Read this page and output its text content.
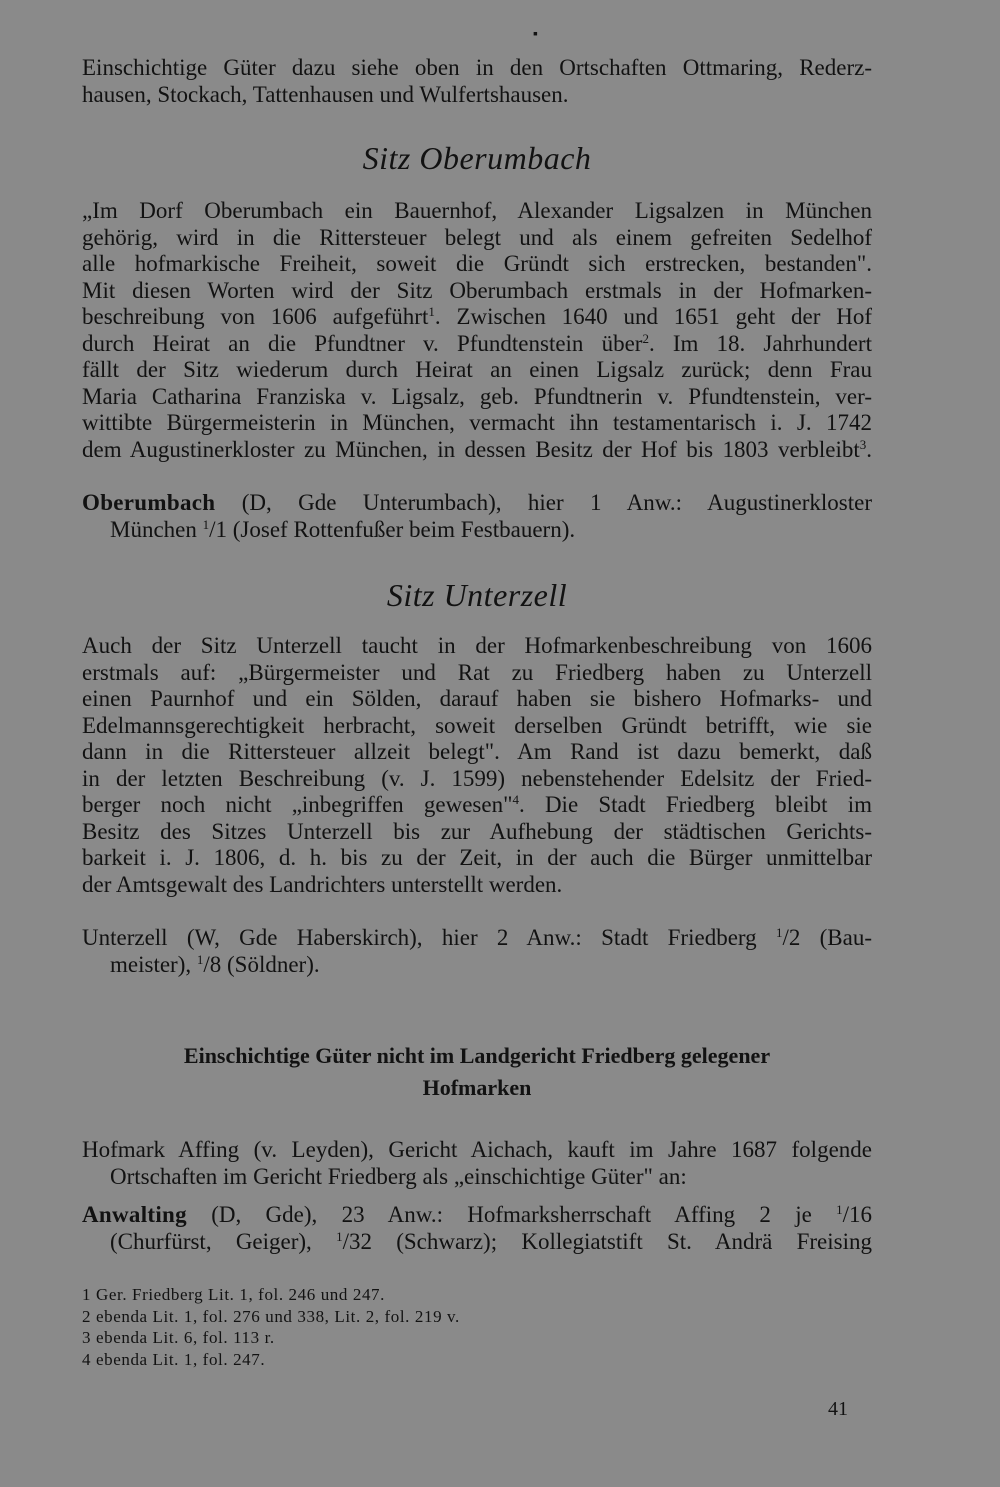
▪
Einschichtige Güter dazu siehe oben in den Ortschaften Ottmaring, Rederz-
hausen, Stockach, Tattenhausen und Wulfertshausen.
Sitz Oberumbach
„Im Dorf Oberumbach ein Bauernhof, Alexander Ligsalzen in München
gehörig, wird in die Rittersteuer belegt und als einem gefreiten Sedelhof
alle hofmarkische Freiheit, soweit die Gründt sich erstrecken, bestanden".
Mit diesen Worten wird der Sitz Oberumbach erstmals in der Hofmarken-
beschreibung von 1606 aufgeführt$^1$. Zwischen 1640 und 1651 geht der Hof
durch Heirat an die Pfundtner v. Pfundtenstein über$^2$. Im 18. Jahrhundert
fällt der Sitz wiederum durch Heirat an einen Ligsalz zurück; denn Frau
Maria Catharina Franziska v. Ligsalz, geb. Pfundtnerin v. Pfundtenstein, ver-
wittibte Bürgermeisterin in München, vermacht ihn testamentarisch i. J. 1742
dem Augustinerkloster zu München, in dessen Besitz der Hof bis 1803 verbleibt$^3$.
Oberumbach (D, Gde Unterumbach), hier 1 Anw.: Augustinerkloster
München $^1$/1 (Josef Rottenfußer beim Festbauern).
Sitz Unterzell
Auch der Sitz Unterzell taucht in der Hofmarkenbeschreibung von 1606
erstmals auf: „Bürgermeister und Rat zu Friedberg haben zu Unterzell
einen Paurnhof und ein Sölden, darauf haben sie bishero Hofmarks- und
Edelmannsgerechtigkeit herbracht, soweit derselben Gründt betrifft, wie sie
dann in die Rittersteuer allzeit belegt". Am Rand ist dazu bemerkt, daß
in der letzten Beschreibung (v. J. 1599) nebenstehender Edelsitz der Fried-
berger noch nicht „inbegriffen gewesen"$^4$. Die Stadt Friedberg bleibt im
Besitz des Sitzes Unterzell bis zur Aufhebung der städtischen Gerichts-
barkeit i. J. 1806, d. h. bis zu der Zeit, in der auch die Bürger unmittelbar
der Amtsgewalt des Landrichters unterstellt werden.
Unterzell (W, Gde Haberskirch), hier 2 Anw.: Stadt Friedberg $^1$/2 (Bau-
meister), $^1$/8 (Söldner).
Einschichtige Güter nicht im Landgericht Friedberg gelegener
Hofmarken
Hofmark Affing (v. Leyden), Gericht Aichach, kauft im Jahre 1687 folgende
Ortschaften im Gericht Friedberg als „einschichtige Güter" an:
Anwalting (D, Gde), 23 Anw.: Hofmarksherrschaft Affing 2 je $^1$/16
(Churfürst, Geiger), $^1$/32 (Schwarz); Kollegiatstift St. Andrä Freising
1 Ger. Friedberg Lit. 1, fol. 246 und 247.
2 ebenda Lit. 1, fol. 276 und 338, Lit. 2, fol. 219 v.
3 ebenda Lit. 6, fol. 113 r.
4 ebenda Lit. 1, fol. 247.
41
